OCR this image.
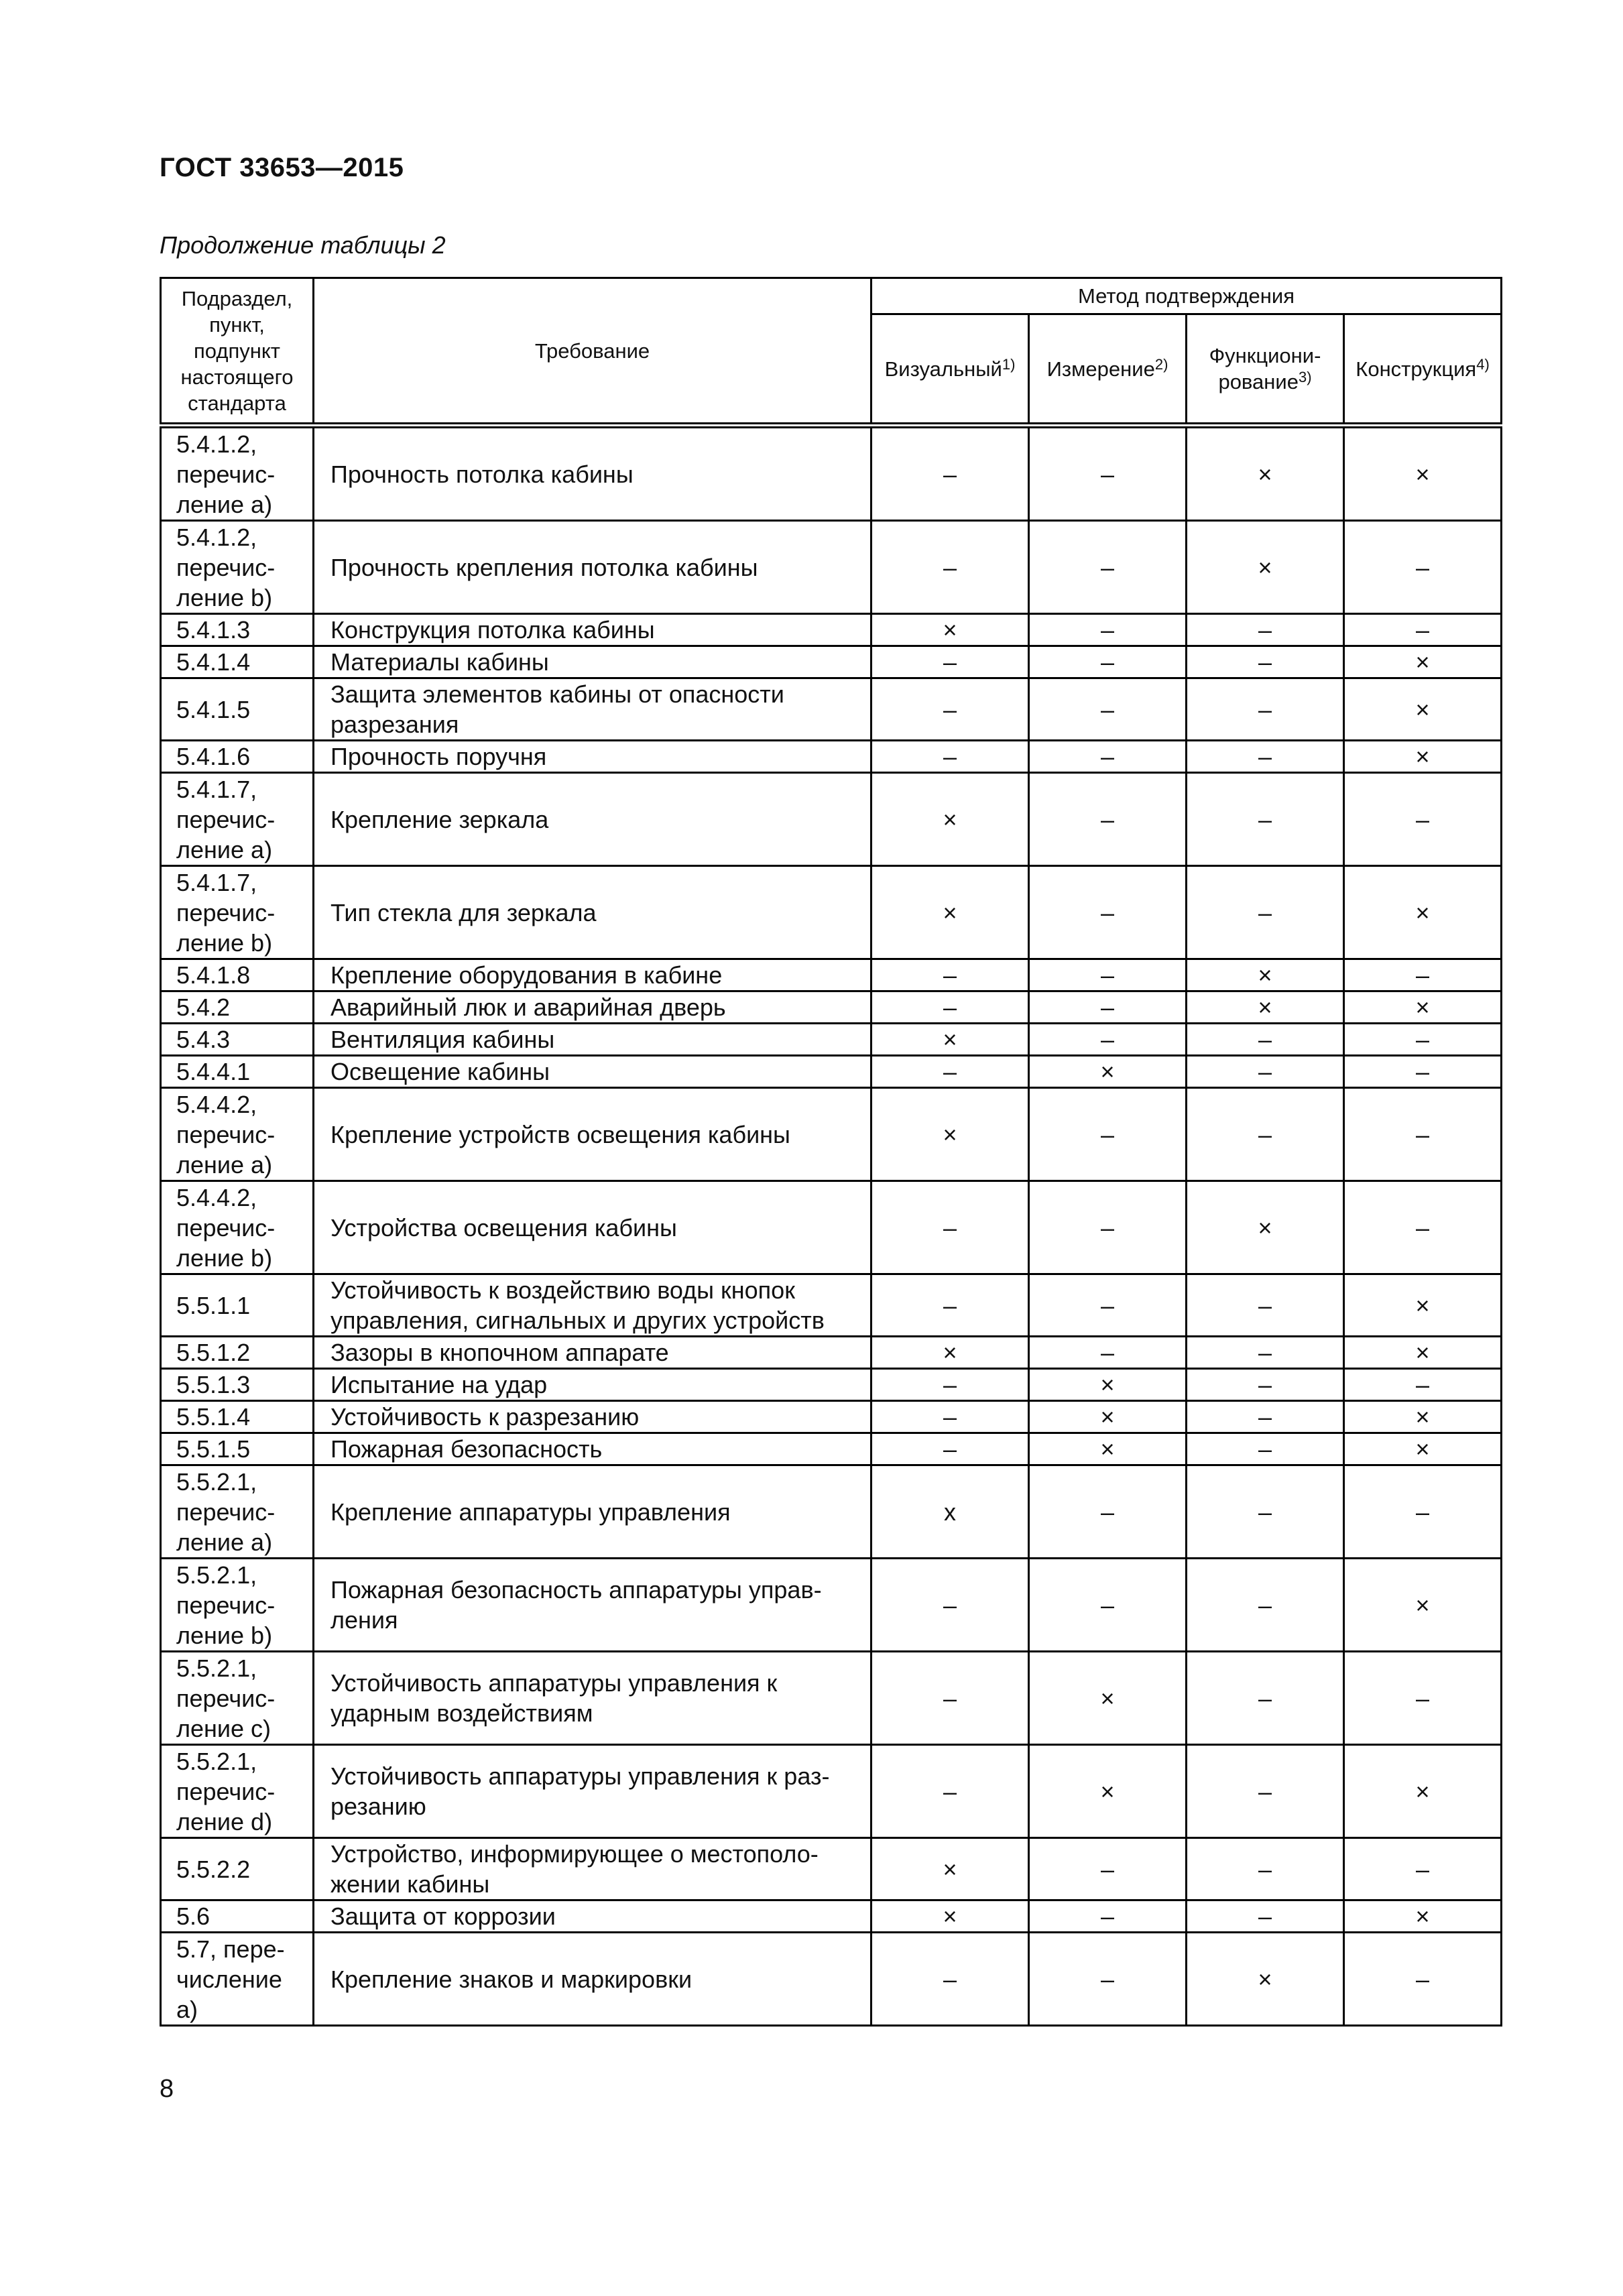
ГОСТ 33653—2015
Продолжение таблицы 2
Подраздел, пункт, подпункт настоящего стандарта	Требование	Метод подтверждения			
		Визуальный$^{1)}$	Измерение$^{2)}$	Функциони-рование$^{3)}$	Конструкция$^{4)}$
5.4.1.2, перечис-ление a)	Прочность потолка кабины	–	–	×	×
5.4.1.2, перечис-ление b)	Прочность крепления потолка кабины	–	–	×	–
5.4.1.3	Конструкция потолка кабины	×	–	–	–
5.4.1.4	Материалы кабины	–	–	–	×
5.4.1.5	Защита элементов кабины от опасности разрезания	–	–	–	×
5.4.1.6	Прочность поручня	–	–	–	×
5.4.1.7, перечис-ление a)	Крепление зеркала	×	–	–	–
5.4.1.7, перечис-ление b)	Тип стекла для зеркала	×	–	–	×
5.4.1.8	Крепление оборудования в кабине	–	–	×	–
5.4.2	Аварийный люк и аварийная дверь	–	–	×	×
5.4.3	Вентиляция кабины	×	–	–	–
5.4.4.1	Освещение кабины	–	×	–	–
5.4.4.2, перечис-ление a)	Крепление устройств освещения кабины	×	–	–	–
5.4.4.2, перечис-ление b)	Устройства освещения кабины	–	–	×	–
5.5.1.1	Устойчивость к воздействию воды кнопок управления, сигнальных и других устройств	–	–	–	×
5.5.1.2	Зазоры в кнопочном аппарате	×	–	–	×
5.5.1.3	Испытание на удар	–	×	–	–
5.5.1.4	Устойчивость к разрезанию	–	×	–	×
5.5.1.5	Пожарная безопасность	–	×	–	×
5.5.2.1, перечис-ление a)	Крепление аппаратуры управления	х	–	–	–
5.5.2.1, перечис-ление b)	Пожарная безопасность аппаратуры управ-ления	–	–	–	×
5.5.2.1, перечис-ление c)	Устойчивость аппаратуры управления к ударным воздействиям	–	×	–	–
5.5.2.1, перечис-ление d)	Устойчивость аппаратуры управления к раз-резанию	–	×	–	×
5.5.2.2	Устройство, информирующее о местополо-жении кабины	×	–	–	–
5.6	Защита от коррозии	×	–	–	×
5.7, пере-числение a)	Крепление знаков и маркировки	–	–	×	–
8
